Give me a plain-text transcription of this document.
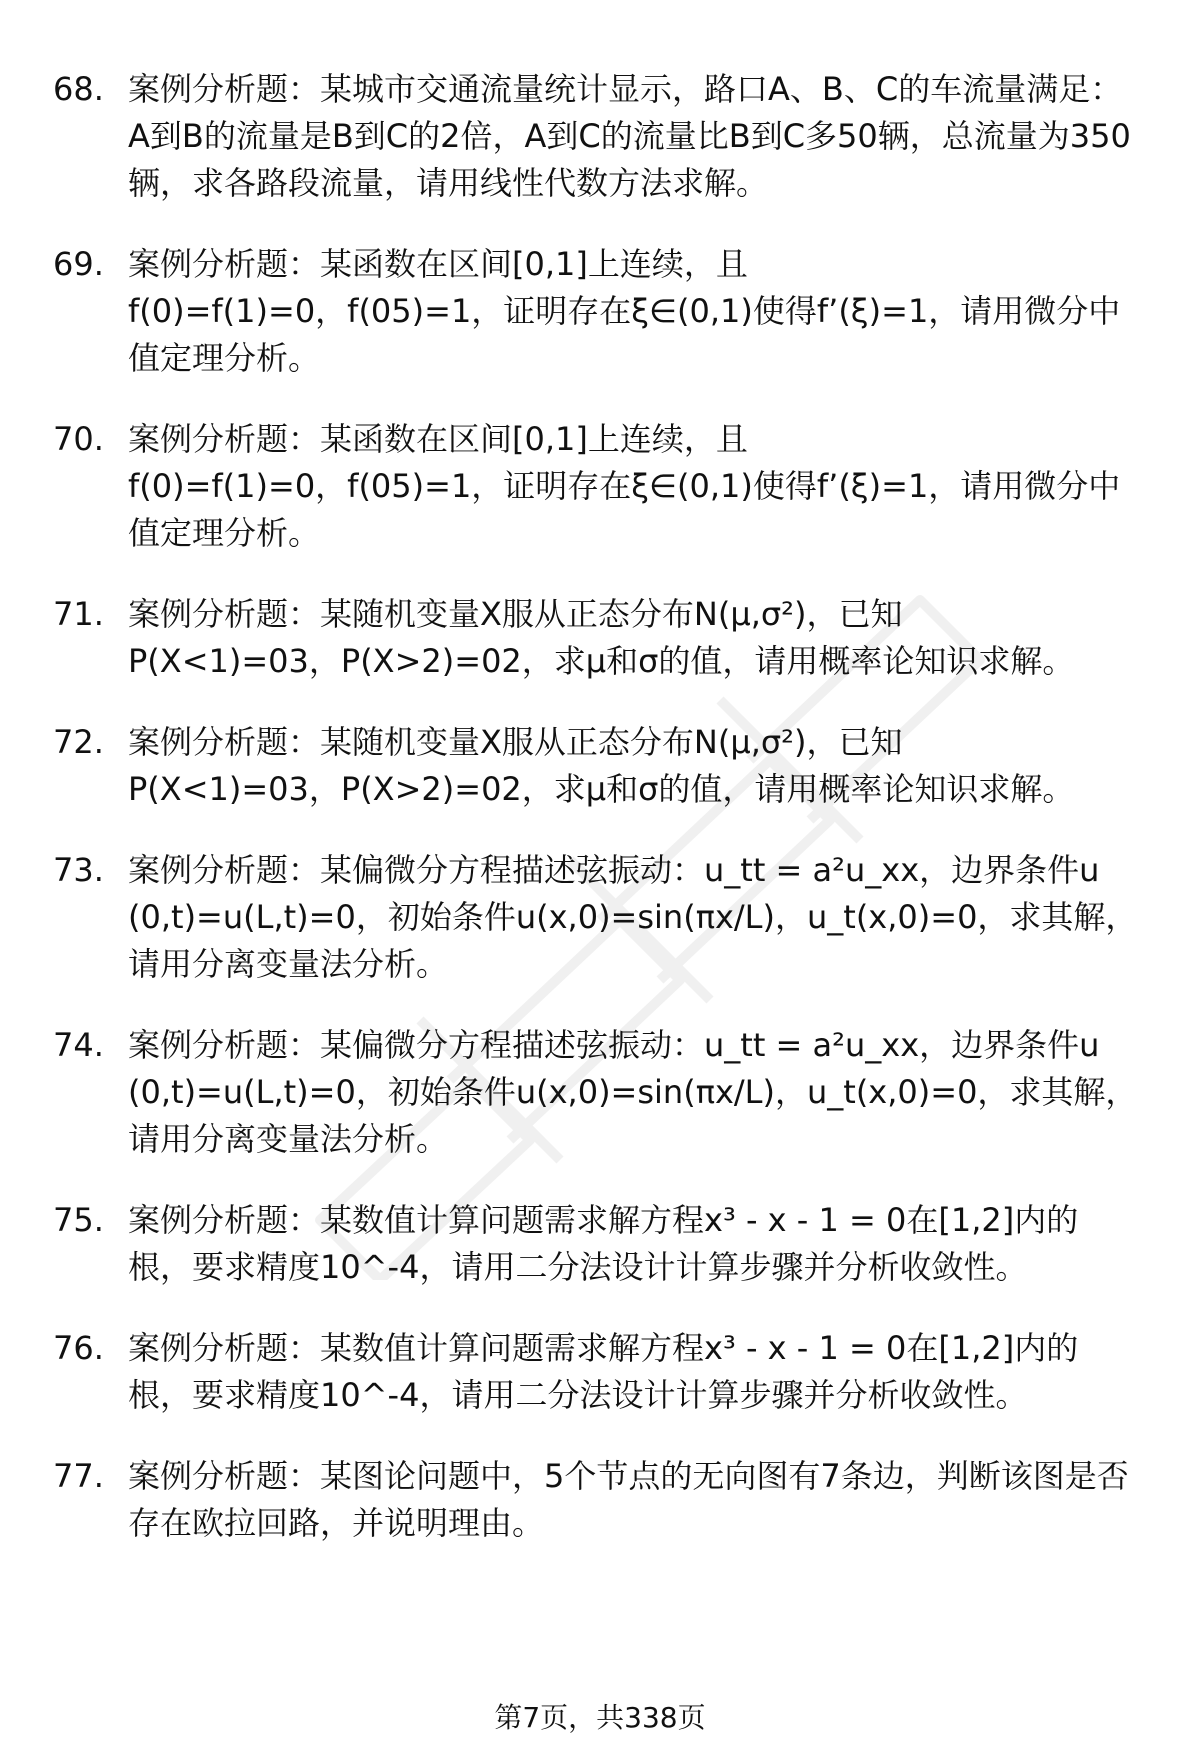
68. 案例分析题：某城市交通流量统计显示，路口A、B、C的车流量满足：A到B的流量是B到C的2倍，A到C的流量比B到C多50辆，总流量为350辆，求各路段流量，请用线性代数方法求解。
69. 案例分析题：某函数在区间[0,1]上连续，且
f(0)=f(1)=0，f(05)=1，证明存在ξ∈(0,1)使得f’(ξ)=1，请用微分中值定理分析。
70. 案例分析题：某函数在区间[0,1]上连续，且
f(0)=f(1)=0，f(05)=1，证明存在ξ∈(0,1)使得f’(ξ)=1，请用微分中值定理分析。
71. 案例分析题：某随机变量X服从正态分布N(μ,σ²)，已知
P(X<1)=03，P(X>2)=02，求μ和σ的值，请用概率论知识求解。
72. 案例分析题：某随机变量X服从正态分布N(μ,σ²)，已知
P(X<1)=03，P(X>2)=02，求μ和σ的值，请用概率论知识求解。
73. 案例分析题：某偏微分方程描述弦振动：u_tt = a²u_xx，边界条件u(0,t)=u(L,t)=0，初始条件u(x,0)=sin(πx/L)，u_t(x,0)=0，求其解，请用分离变量法分析。
74. 案例分析题：某偏微分方程描述弦振动：u_tt = a²u_xx，边界条件u(0,t)=u(L,t)=0，初始条件u(x,0)=sin(πx/L)，u_t(x,0)=0，求其解，请用分离变量法分析。
75. 案例分析题：某数值计算问题需求解方程x³ - x - 1 = 0在[1,2]内的根，要求精度10^-4，请用二分法设计计算步骤并分析收敛性。
76. 案例分析题：某数值计算问题需求解方程x³ - x - 1 = 0在[1,2]内的根，要求精度10^-4，请用二分法设计计算步骤并分析收敛性。
77. 案例分析题：某图论问题中，5个节点的无向图有7条边，判断该图是否存在欧拉回路，并说明理由。
第7页，共338页
